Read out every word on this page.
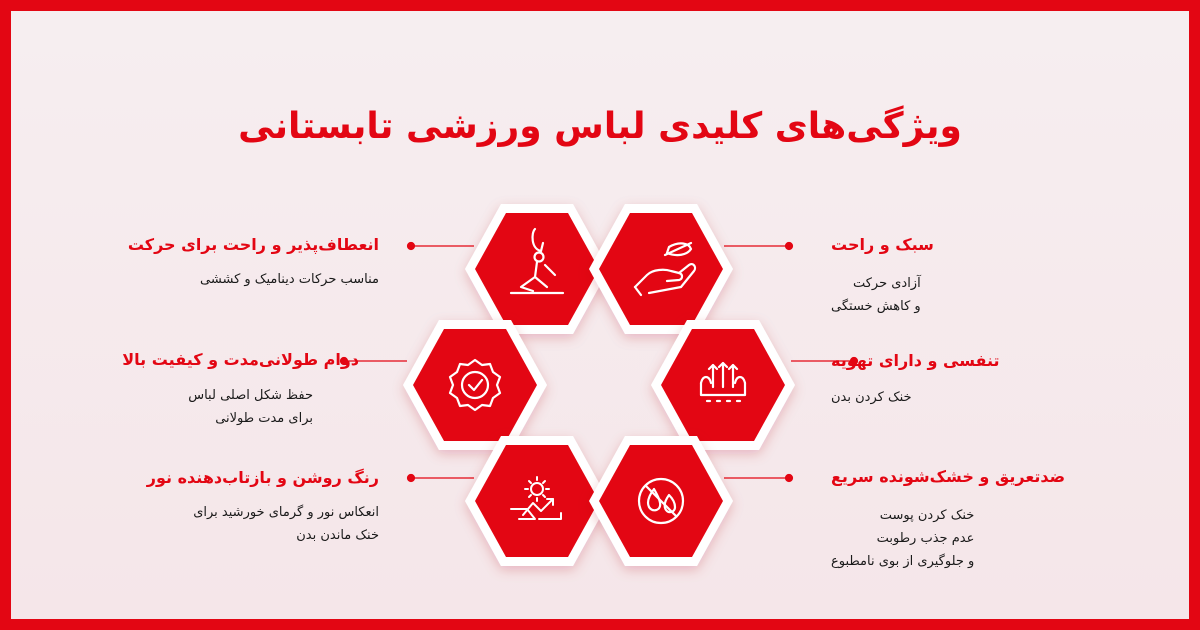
ویژگی‌های کلیدی لباس ورزشی تابستانی
سبک و راحت
آزادی حرکت
و کاهش خستگی
تنفسی و دارای تهویه
خنک کردن بدن
ضدتعریق و خشک‌شونده سریع
خنک کردن پوست
عدم جذب رطوبت
و جلوگیری از بوی نامطبوع
انعطاف‌پذیر و راحت برای حرکت
مناسب حرکات دینامیک و کششی
دوام طولانی‌مدت و کیفیت بالا
حفظ شکل اصلی لباس
برای مدت طولانی
رنگ روشن و بازتاب‌دهنده نور
انعکاس نور و گرمای خورشید برای
خنک ماندن بدن
